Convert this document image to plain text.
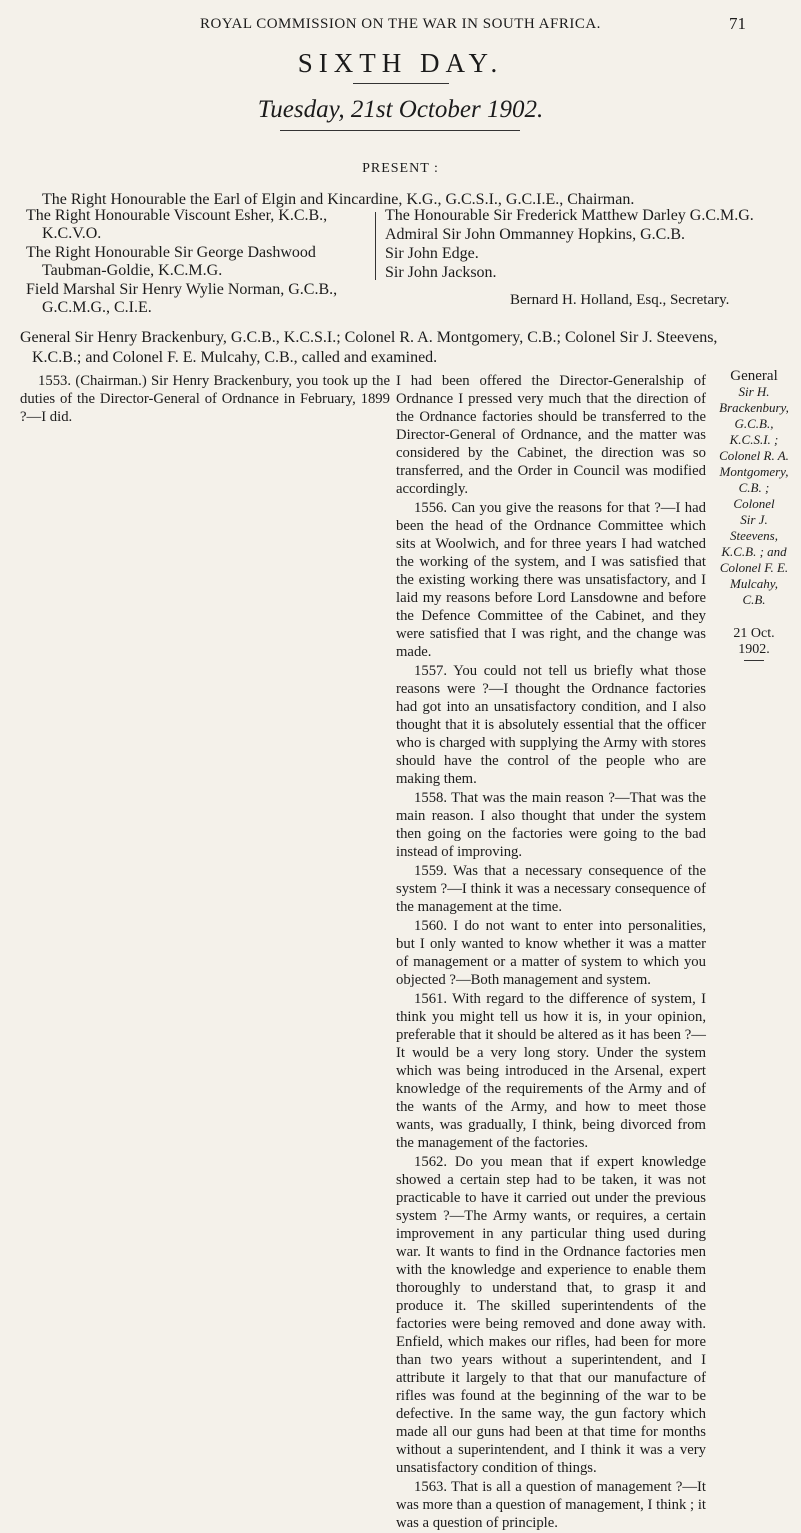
ROYAL COMMISSION ON THE WAR IN SOUTH AFRICA.	71
SIXTH DAY.
Tuesday, 21st October 1902.
PRESENT :
The Right Honourable the Earl of Elgin and Kincardine, K.G., G.C.S.I., G.C.I.E., Chairman.

The Right Honourable Viscount Esher, K.C.B., K.C.V.O.

The Right Honourable Sir George Dashwood Taubman-Goldie, K.C.M.G.

Field Marshal Sir Henry Wylie Norman, G.C.B., G.C.M.G., C.I.E.

The Honourable Sir Frederick Matthew Darley G.C.M.G.

Admiral Sir John Ommanney Hopkins, G.C.B.

Sir John Edge.

Sir John Jackson.

Bernard H. Holland, Esq., Secretary.
General Sir Henry Brackenbury, G.C.B., K.C.S.I.; Colonel R. A. Montgomery, C.B.; Colonel Sir J. Steevens, K.C.B.; and Colonel F. E. Mulcahy, C.B., called and examined.

1553. (Chairman.) Sir Henry Brackenbury, you took up the duties of the Director-General of Ordnance in February, 1899 ?—I did.

I had been offered the Director-Generalship of Ordnance I pressed very much that the direction of the Ordnance factories should be transferred to the Director-General of Ordnance, and the matter was considered by the Cabinet, the direction was so transferred, and the Order in Council was modified accordingly.

1556. Can you give the reasons for that ?—I had been the head of the Ordnance Committee which sits at Woolwich, and for three years I had watched the working of the system, and I was satisfied that the existing working there was unsatisfactory, and I laid my reasons before Lord Lansdowne and before the Defence Committee of the Cabinet, and they were satisfied that I was right, and the change was made.

1557. You could not tell us briefly what those reasons were ?—I thought the Ordnance factories had got into an unsatisfactory condition, and I also thought that it is absolutely essential that the officer who is charged with supplying the Army with stores should have the control of the people who are making them.

1558. That was the main reason ?—That was the main reason. I also thought that under the system then going on the factories were going to the bad instead of improving.

1559. Was that a necessary consequence of the system ?—I think it was a necessary consequence of the management at the time.

1560. I do not want to enter into personalities, but I only wanted to know whether it was a matter of management or a matter of system to which you objected ?—Both management and system.

1561. With regard to the difference of system, I think you might tell us how it is, in your opinion, preferable that it should be altered as it has been ?—It would be a very long story. Under the system which was being introduced in the Arsenal, expert knowledge of the requirements of the Army and of the wants of the Army, and how to meet those wants, was gradually, I think, being divorced from the management of the factories.

1562. Do you mean that if expert knowledge showed a certain step had to be taken, it was not practicable to have it carried out under the previous system ?—The Army wants, or requires, a certain improvement in any particular thing used during war. It wants to find in the Ordnance factories men with the knowledge and experience to enable them thoroughly to understand that, to grasp it and produce it. The skilled superintendents of the factories were being removed and done away with. Enfield, which makes our rifles, had been for more than two years without a superintendent, and I attribute it largely to that that our manufacture of rifles was found at the beginning of the war to be defective. In the same way, the gun factory which made all our guns had been at that time for months without a superintendent, and I think it was a very unsatisfactory condition of things.

1563. That is all a question of management ?—It was more than a question of management, I think ; it was a question of principle.

General
Sir H.
Brackenbury,
G.C.B.,
K.C.S.I. ;
Colonel R. A.
Montgomery,
C.B. ;
Colonel
Sir J.
Steevens,
K.C.B. ; and
Colonel F. E.
Mulcahy, C.B.
21 Oct. 1902.
